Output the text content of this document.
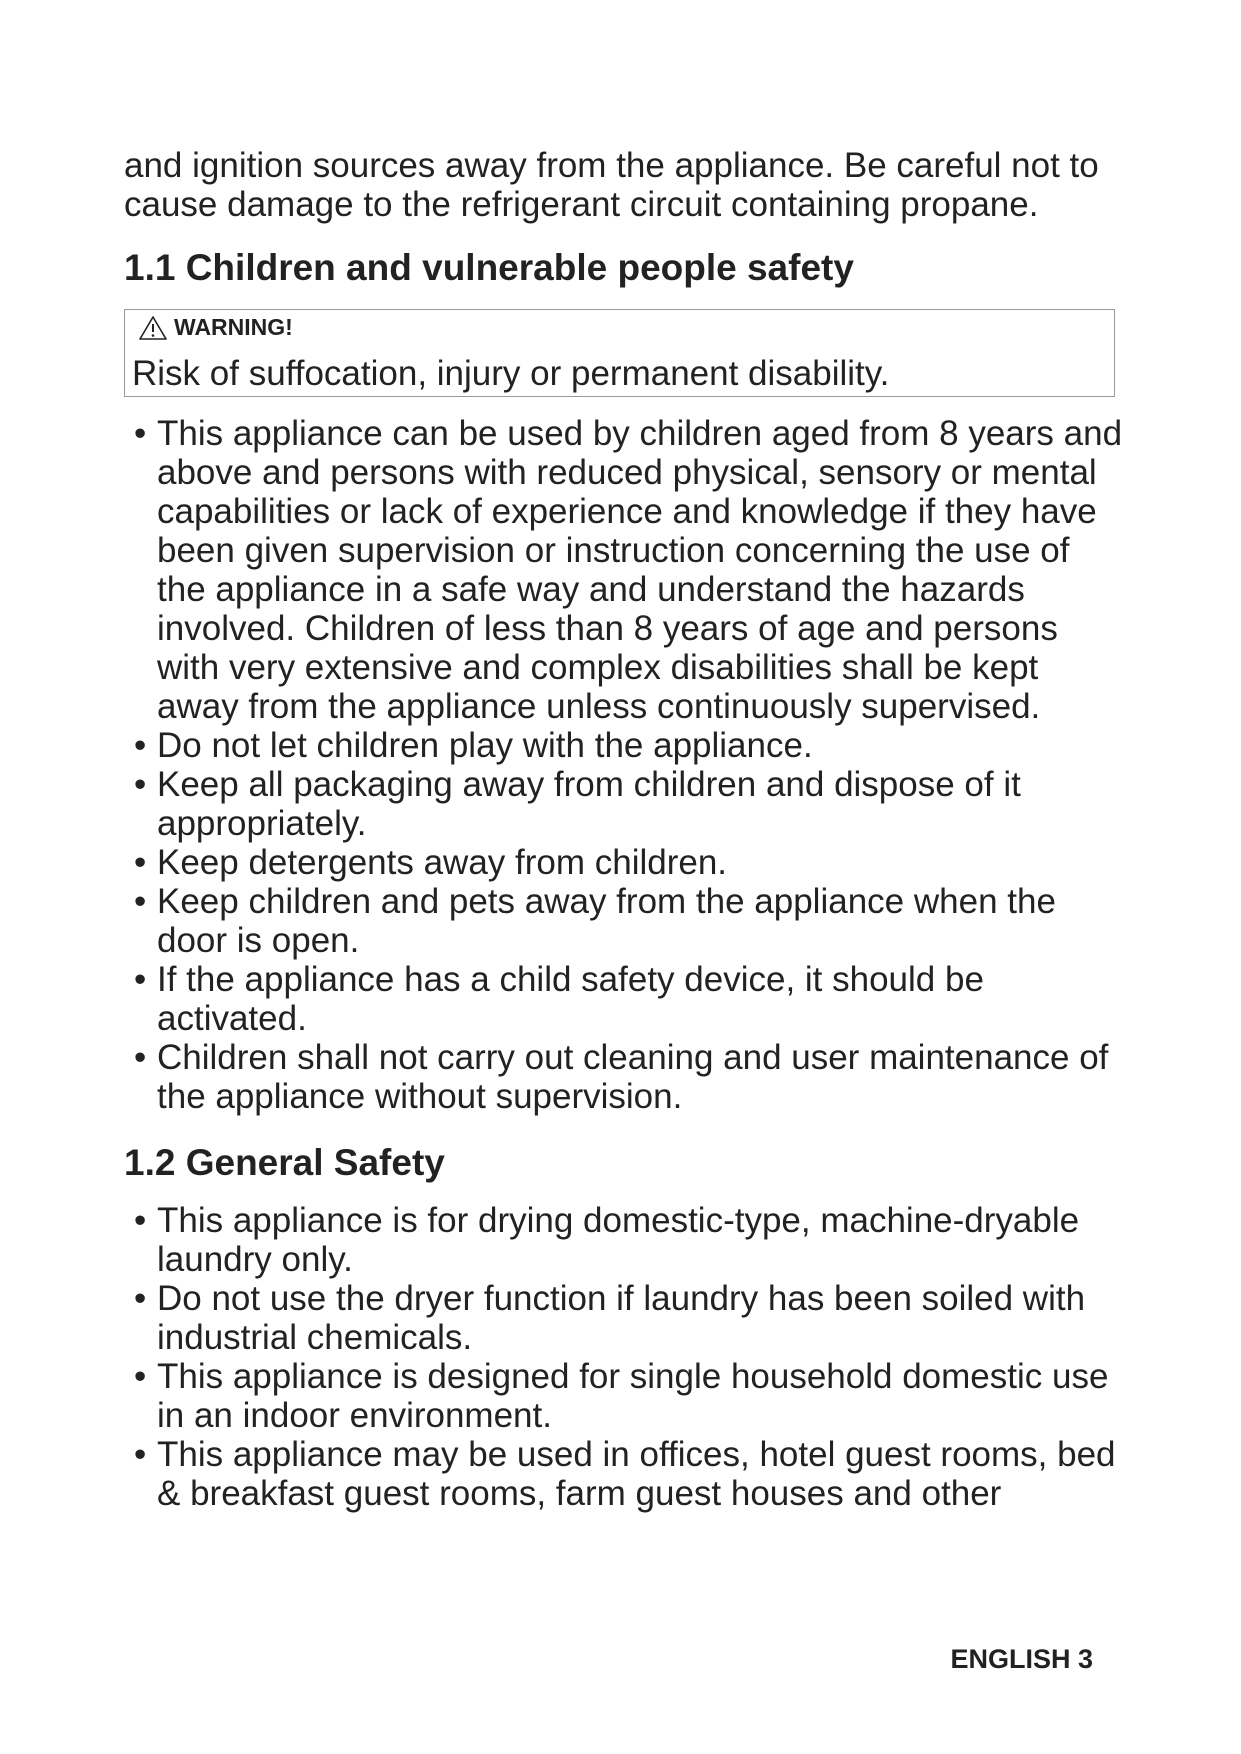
and ignition sources away from the appliance. Be careful not to cause damage to the refrigerant circuit containing propane.

1.1 Children and vulnerable people safety
WARNING!
Risk of suffocation, injury or permanent disability.
• This appliance can be used by children aged from 8 years and above and persons with reduced physical, sensory or mental capabilities or lack of experience and knowledge if they have been given supervision or instruction concerning the use of the appliance in a safe way and understand the hazards involved. Children of less than 8 years of age and persons with very extensive and complex disabilities shall be kept away from the appliance unless continuously supervised.
• Do not let children play with the appliance.
• Keep all packaging away from children and dispose of it appropriately.
• Keep detergents away from children.
• Keep children and pets away from the appliance when the door is open.
• If the appliance has a child safety device, it should be activated.
• Children shall not carry out cleaning and user maintenance of the appliance without supervision.
1.2 General Safety
• This appliance is for drying domestic-type, machine-dryable laundry only.
• Do not use the dryer function if laundry has been soiled with industrial chemicals.
• This appliance is designed for single household domestic use in an indoor environment.
• This appliance may be used in offices, hotel guest rooms, bed & breakfast guest rooms, farm guest houses and other
ENGLISH 3
